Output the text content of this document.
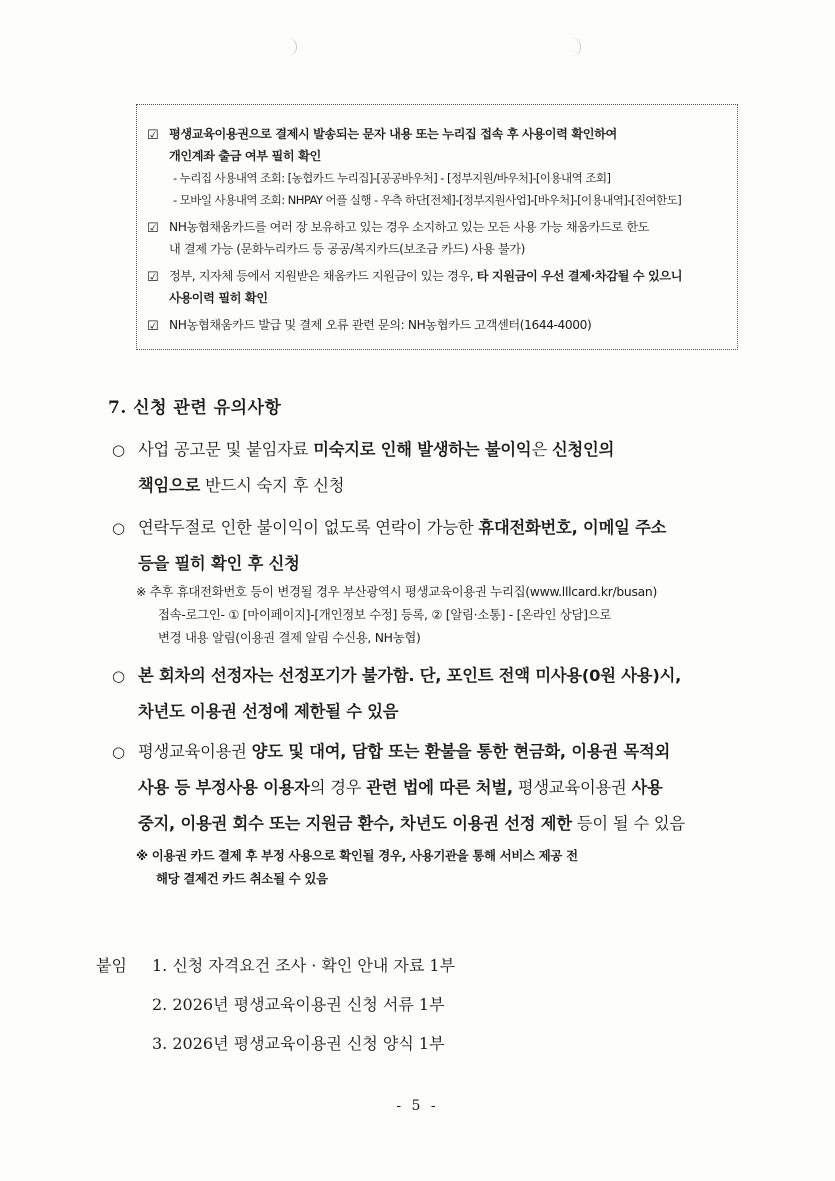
☑ 평생교육이용권으로 결제시 발송되는 문자 내용 또는 누리집 접속 후 사용이력 확인하여
개인계좌 출금 여부 필히 확인
- 누리집 사용내역 조회: [농협카드 누리집]-[공공바우처] - [정부지원/바우처]-[이용내역 조회]
- 모바일 사용내역 조회: NHPAY 어플 실행 - 우측 하단[전체]-[정부지원사업]-[바우처]-[이용내역]-[진여한도]
☑ NH농협채움카드를 여러 장 보유하고 있는 경우 소지하고 있는 모든 사용 가능 채움카드로 한도
내 결제 가능 (문화누리카드 등 공공/복지카드(보조금 카드) 사용 불가)
☑ 정부, 지자체 등에서 지원받은 채움카드 지원금이 있는 경우, 타 지원금이 우선 결제·차감될 수 있으니
사용이력 필히 확인
☑ NH농협채움카드 발급 및 결제 오류 관련 문의: NH농협카드 고객센터(1644-4000)
7. 신청 관련 유의사항
○ 사업 공고문 및 붙임자료 미숙지로 인해 발생하는 불이익은 신청인의
책임으로 반드시 숙지 후 신청
○ 연락두절로 인한 불이익이 없도록 연락이 가능한 휴대전화번호, 이메일 주소
등을 필히 확인 후 신청
※ 추후 휴대전화번호 등이 변경될 경우 부산광역시 평생교육이용권 누리집(www.lllcard.kr/busan)
접속-로그인- ① [마이페이지]-[개인정보 수정] 등록, ② [알림·소통] - [온라인 상담]으로
변경 내용 알림(이용권 결제 알림 수신용, NH농협)
○ 본 회차의 선정자는 선정포기가 불가함. 단, 포인트 전액 미사용(0원 사용)시,
차년도 이용권 선정에 제한될 수 있음
○ 평생교육이용권 양도 및 대여, 담합 또는 환불을 통한 현금화, 이용권 목적외
사용 등 부정사용 이용자의 경우 관련 법에 따른 처벌, 평생교육이용권 사용
중지, 이용권 회수 또는 지원금 환수, 차년도 이용권 선정 제한 등이 될 수 있음
※ 이용권 카드 결제 후 부정 사용으로 확인될 경우, 사용기관을 통해 서비스 제공 전
해당 결제건 카드 취소될 수 있음
붙임	1. 신청 자격요건 조사 · 확인 안내 자료 1부
2. 2026년 평생교육이용권 신청 서류 1부
3. 2026년 평생교육이용권 신청 양식 1부
- 5 -
